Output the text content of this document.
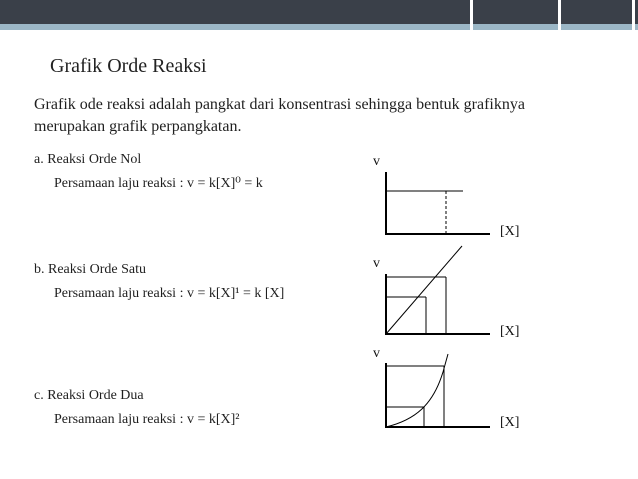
Grafik Orde Reaksi
Grafik ode reaksi adalah pangkat dari konsentrasi sehingga bentuk grafiknya merupakan grafik perpangkatan.
a. Reaksi Orde Nol
Persamaan laju reaksi : v = k[X]⁰ = k
b. Reaksi Orde Satu
Persamaan laju reaksi : v = k[X]¹ = k [X]
c. Reaksi Orde Dua
Persamaan laju reaksi : v = k[X]²
v
[X]
v
[X]
v
[X]
